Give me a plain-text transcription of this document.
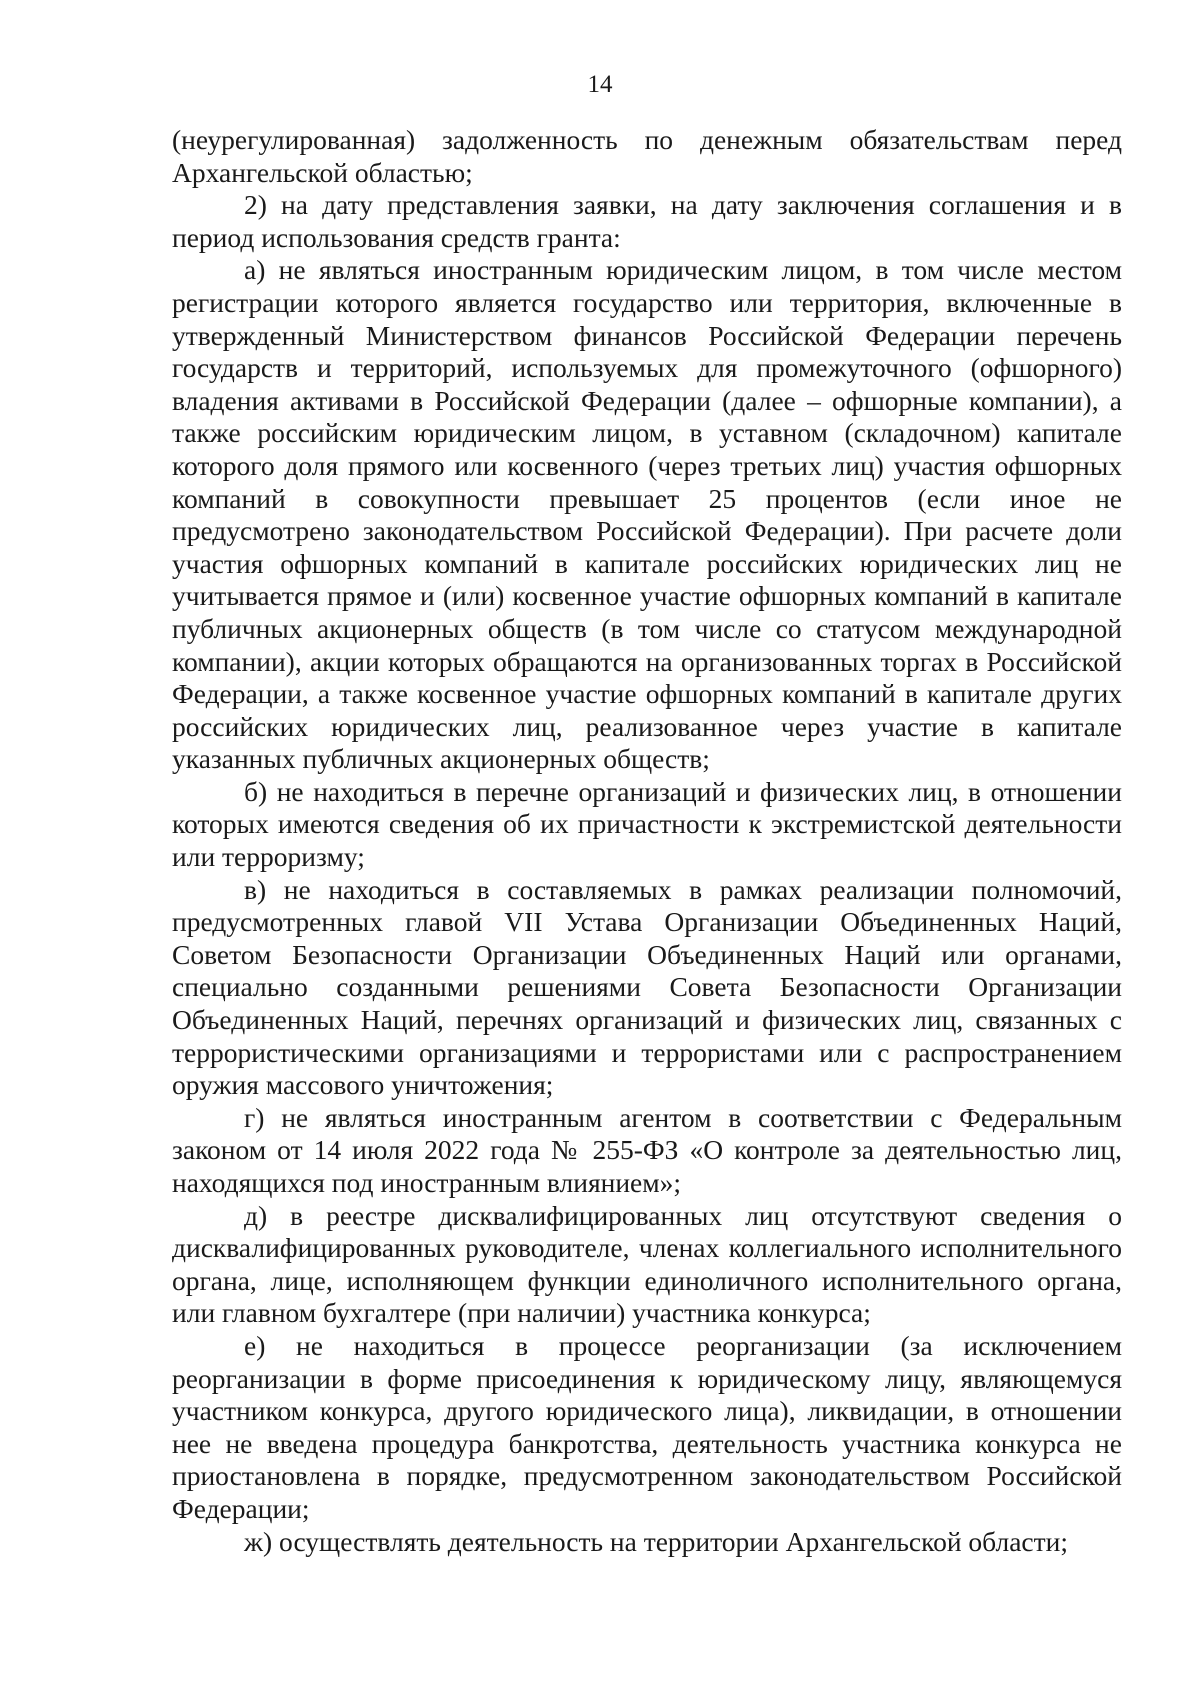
14

(неурегулированная) задолженность по денежным обязательствам перед Архангельской областью;

2) на дату представления заявки, на дату заключения соглашения и в период использования средств гранта:

а) не являться иностранным юридическим лицом, в том числе местом регистрации которого является государство или территория, включенные в утвержденный Министерством финансов Российской Федерации перечень государств и территорий, используемых для промежуточного (офшорного) владения активами в Российской Федерации (далее – офшорные компании), а также российским юридическим лицом, в уставном (складочном) капитале которого доля прямого или косвенного (через третьих лиц) участия офшорных компаний в совокупности превышает 25 процентов (если иное не предусмотрено законодательством Российской Федерации). При расчете доли участия офшорных компаний в капитале российских юридических лиц не учитывается прямое и (или) косвенное участие офшорных компаний в капитале публичных акционерных обществ (в том числе со статусом международной компании), акции которых обращаются на организованных торгах в Российской Федерации, а также косвенное участие офшорных компаний в капитале других российских юридических лиц, реализованное через участие в капитале указанных публичных акционерных обществ;

б) не находиться в перечне организаций и физических лиц, в отношении которых имеются сведения об их причастности к экстремистской деятельности или терроризму;

в) не находиться в составляемых в рамках реализации полномочий, предусмотренных главой VII Устава Организации Объединенных Наций, Советом Безопасности Организации Объединенных Наций или органами, специально созданными решениями Совета Безопасности Организации Объединенных Наций, перечнях организаций и физических лиц, связанных с террористическими организациями и террористами или с распространением оружия массового уничтожения;

г) не являться иностранным агентом в соответствии с Федеральным законом от 14 июля 2022 года № 255-ФЗ «О контроле за деятельностью лиц, находящихся под иностранным влиянием»;

д) в реестре дисквалифицированных лиц отсутствуют сведения о дисквалифицированных руководителе, членах коллегиального исполнительного органа, лице, исполняющем функции единоличного исполнительного органа, или главном бухгалтере (при наличии) участника конкурса;

е) не находиться в процессе реорганизации (за исключением реорганизации в форме присоединения к юридическому лицу, являющемуся участником конкурса, другого юридического лица), ликвидации, в отношении нее не введена процедура банкротства, деятельность участника конкурса не приостановлена в порядке, предусмотренном законодательством Российской Федерации;

ж) осуществлять деятельность на территории Архангельской области;
